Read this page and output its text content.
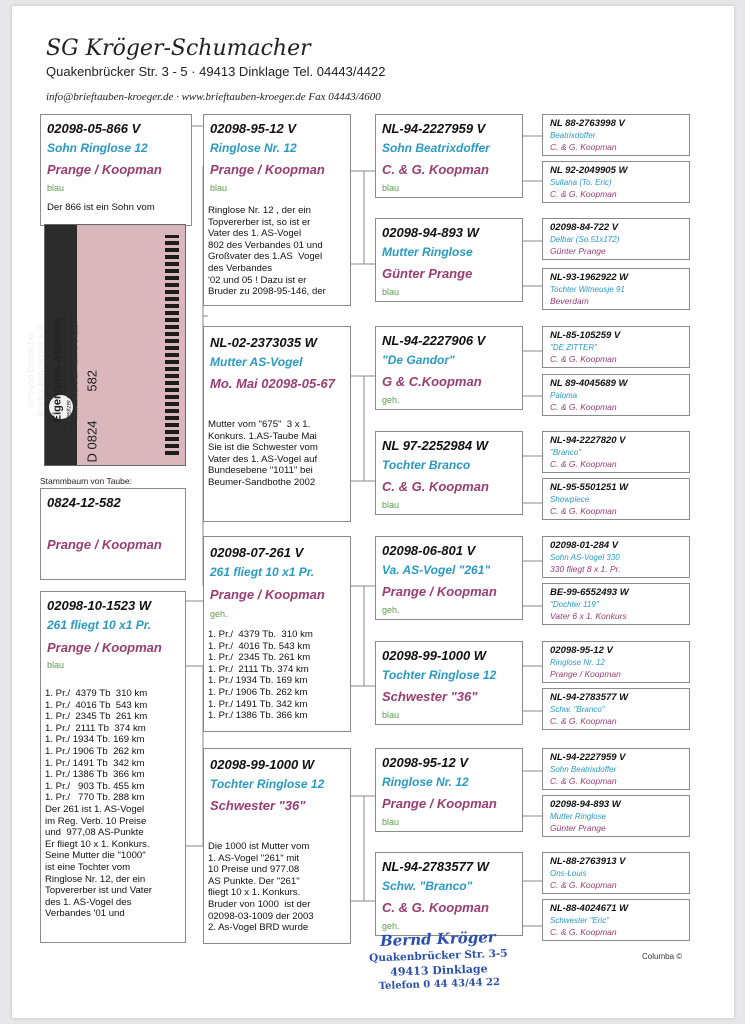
SG Kröger-Schumacher
Quakenbrücker Str. 3 - 5 · 49413 Dinklage Tel. 04443/4422
info@brieftauben-kroeger.de · www.brieftauben-kroeger.de Fax 04443/4600
02098-05-866 V
Sohn Ringlose 12
Prange / Koopman
blau
Der 866 ist ein Sohn vom
Verband Deutscher
Brieftaubenzüchter e.V. Eigentums-Ausweis Der Besitzer dieser Karte hat den Verbandsring
mit nachstehender Nummer erhalten
D 0824        582
Stammbaum von Taube:
0824-12-582
Prange / Koopman
02098-10-1523 W
261 fliegt 10 x1 Pr.
Prange / Koopman
blau
1. Pr./  4379 Tb  310 km
1. Pr./  4016 Tb  543 km
1. Pr./  2345 Tb  261 km
1. Pr./  2111 Tb  374 km
1. Pr./ 1934 Tb. 169 km
1. Pr./ 1906 Tb  262 km
1. Pr./ 1491 Tb  342 km
1. Pr./ 1386 Tb  366 km
1. Pr./   903 Tb. 455 km
1. Pr./   770 Tb. 288 km
Der 261 ist 1. AS-Vogel
im Reg. Verb. 10 Preise
und  977,08 AS-Punkte
Er fliegt 10 x 1. Konkurs.
Seine Mutter die "1000"
ist eine Tochter vom
Ringlose Nr. 12, der ein
Topvererber ist und Vater
des 1. AS-Vogel des
Verbandes '01 und
02098-95-12 V
Ringlose Nr. 12
Prange / Koopman
blau
Ringlose Nr. 12 , der ein
Topvererber ist, so ist er
Vater des 1. AS-Vogel
802 des Verbandes 01 und
Großvater des 1.AS  Vogel
des Verbandes
'02 und 05 ! Dazu ist er
Bruder zu 2098-95-146, der
NL-02-2373035 W
Mutter AS-Vogel
Mo. Mai 02098-05-67
Mutter vom "675"  3 x 1.
Konkurs. 1.AS-Taube Mai
Sie ist die Schwester vom
Vater des 1. AS-Vogel auf
Bundesebene "1011" bei
Beumer-Sandbothe 2002
02098-07-261 V
261 fliegt 10 x1 Pr.
Prange / Koopman
geh.
1. Pr./  4379 Tb.  310 km
1. Pr./  4016 Tb. 543 km
1. Pr./  2345 Tb. 261 km
1. Pr./  2111 Tb. 374 km
1. Pr./ 1934 Tb. 169 km
1. Pr./ 1906 Tb. 262 km
1. Pr./ 1491 Tb. 342 km
1. Pr./ 1386 Tb. 366 km
02098-99-1000 W
Tochter Ringlose 12
Schwester "36"
Die 1000 ist Mutter vom
1. AS-Vogel "261" mit
10 Preise und 977.08
AS Punkte. Der "261"
fliegt 10 x 1. Konkurs.
Bruder von 1000  ist der
02098-03-1009 der 2003
2. As-Vogel BRD wurde
NL-94-2227959 V
Sohn Beatrixdoffer
C. & G. Koopman
blau
02098-94-893 W
Mutter Ringlose
Günter Prange
blau
NL-94-2227906 V
"De Gandor"
G & C.Koopman
geh.
NL 97-2252984 W
Tochter Branco
C. & G. Koopman
blau
02098-06-801 V
Va. AS-Vogel "261"
Prange / Koopman
geh.
02098-99-1000 W
Tochter Ringlose 12
Schwester "36"
blau
02098-95-12 V
Ringlose Nr. 12
Prange / Koopman
blau
NL-94-2783577 W
Schw. "Branco"
C. & G. Koopman
geh.
NL 88-2763998 V
Beatrixdoffer
C. & G. Koopman
NL 92-2049905 W
Sultana (To. Eric)
C. & G. Koopman
02098-84-722 V
Delbar (So.51x172)
Günter Prange
NL-93-1962922 W
Tochter Witneusje 91
Beverdam
NL-85-105259 V
"DE ZITTER"
C. & G. Koopman
NL 89-4045689 W
Paloma
C. & G. Koopman
NL-94-2227820 V
"Branco"
C. & G. Koopman
NL-95-5501251 W
Showpiece
C. & G. Koopman
02098-01-284 V
Sohn AS-Vogel 330
330 fliegt 8 x 1. Pr.
BE-99-6552493 W
"Dochter 119"
Vater 6 x 1. Konkurs
02098-95-12 V
Ringlose Nr. 12
Prange / Koopman
NL-94-2783577 W
Schw. "Branco"
C. & G. Koopman
NL-94-2227959 V
Sohn Beatrixdoffer
C. & G. Koopman
02098-94-893 W
Mutter Ringlose
Günter Prange
NL-88-2763913 V
Ons-Louis
C. & G. Koopman
NL-88-4024671 W
Schwester "Eric"
C. & G. Koopman
Bernd Kröger
Quakenbrücker Str. 3-5
49413 Dinklage
Telefon 0 44 43/44 22
Columba ©
